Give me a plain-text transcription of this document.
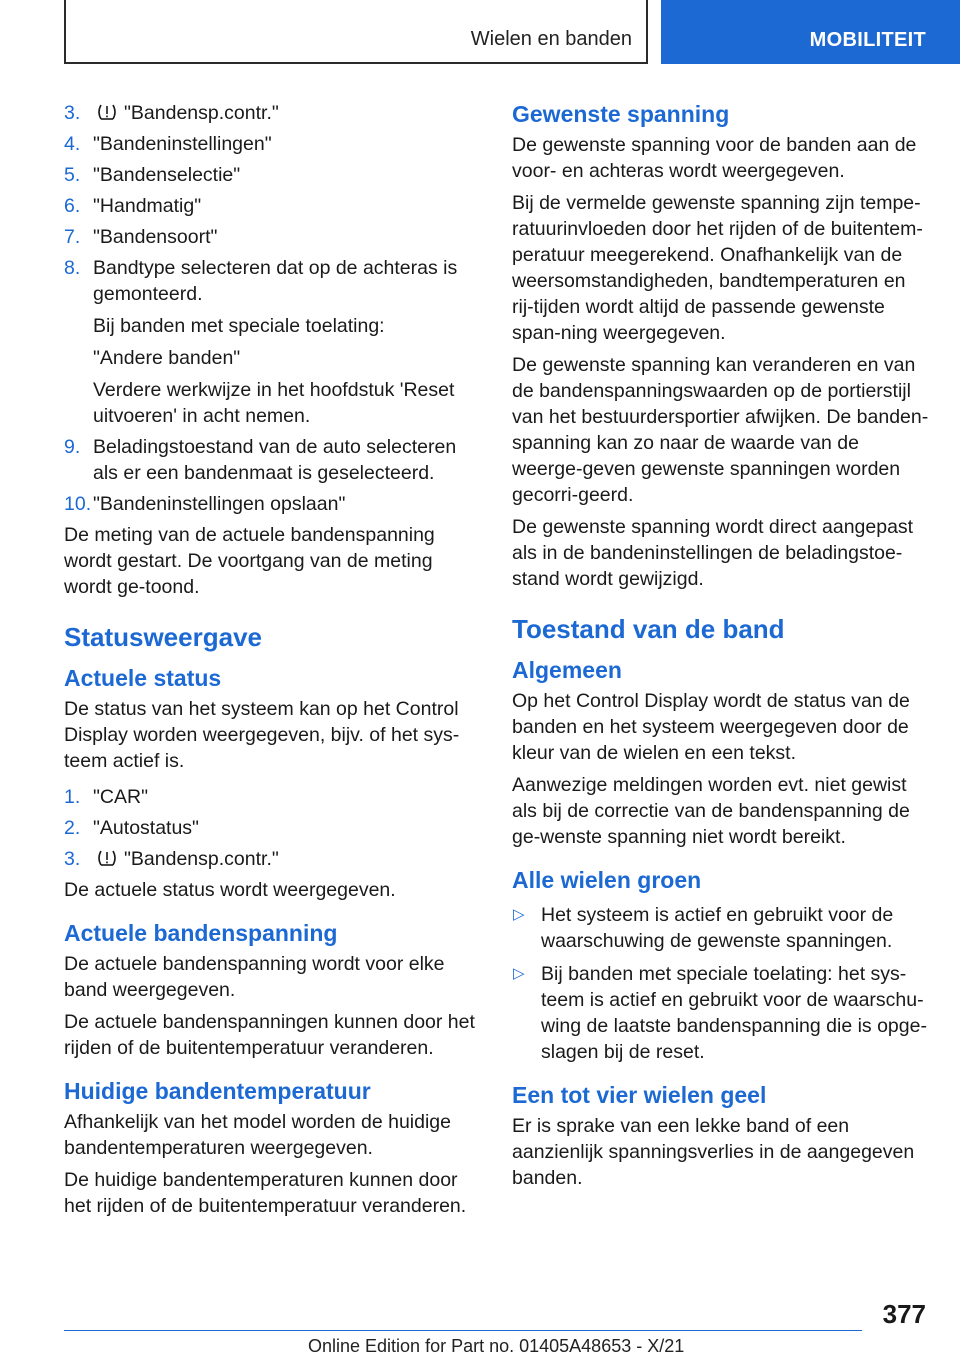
Wielen en banden	MOBILITEIT
3. "Bandensp.contr."
4. "Bandeninstellingen"
5. "Bandenselectie"
6. "Handmatig"
7. "Bandensoort"
8. Bandtype selecteren dat op de achteras is gemonteerd.

Bij banden met speciale toelating:

"Andere banden"

Verdere werkwijze in het hoofdstuk 'Reset uitvoeren' in acht nemen.

9. Beladingstoestand van de auto selecteren als er een bandenmaat is geselecteerd.
10. "Bandeninstellingen opslaan"

De meting van de actuele bandenspanning wordt gestart. De voortgang van de meting wordt ge-toond.

Statusweergave
Actuele status

De status van het systeem kan op het Control Display worden weergegeven, bijv. of het sys-teem actief is.

1. "CAR"
2. "Autostatus"
3. "Bandensp.contr."

De actuele status wordt weergegeven.

Actuele bandenspanning

De actuele bandenspanning wordt voor elke band weergegeven.

De actuele bandenspanningen kunnen door het rijden of de buitentemperatuur veranderen.

Huidige bandentemperatuur

Afhankelijk van het model worden de huidige bandentemperaturen weergegeven.

De huidige bandentemperaturen kunnen door het rijden of de buitentemperatuur veranderen.

Gewenste spanning

De gewenste spanning voor de banden aan de voor- en achteras wordt weergegeven.

Bij de vermelde gewenste spanning zijn tempe-ratuurinvloeden door het rijden of de buitentem-peratuur meegerekend. Onafhankelijk van de weersomstandigheden, bandtemperaturen en rij-tijden wordt altijd de passende gewenste span-ning weergegeven.

De gewenste spanning kan veranderen en van de bandenspanningswaarden op de portierstijl van het bestuurdersportier afwijken. De banden-spanning kan zo naar de waarde van de weerge-geven gewenste spanningen worden gecorri-geerd.

De gewenste spanning wordt direct aangepast als in de bandeninstellingen de beladingstoe-stand wordt gewijzigd.

Toestand van de band
Algemeen

Op het Control Display wordt de status van de banden en het systeem weergegeven door de kleur van de wielen en een tekst.

Aanwezige meldingen worden evt. niet gewist als bij de correctie van de bandenspanning de ge-wenste spanning niet wordt bereikt.

Alle wielen groen
▷ Het systeem is actief en gebruikt voor de waarschuwing de gewenste spanningen.
▷ Bij banden met speciale toelating: het sys-teem is actief en gebruikt voor de waarschu-wing de laatste bandenspanning die is opge-slagen bij de reset.
Een tot vier wielen geel

Er is sprake van een lekke band of een aanzienlijk spanningsverlies in de aangegeven banden.

377
Online Edition for Part no. 01405A48653 - X/21
